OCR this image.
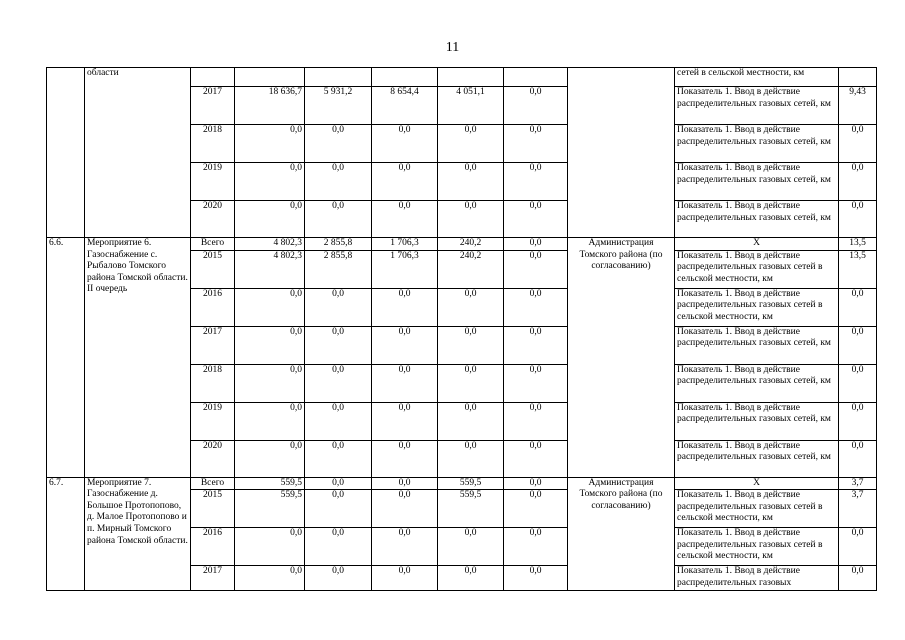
11
	области								сетей в сельской местности, км	
		2017	18 636,7	5 931,2	8 654,4	4 051,1	0,0		Показатель 1. Ввод в действие распределительных газовых сетей, км	9,43
		2018	0,0	0,0	0,0	0,0	0,0		Показатель 1. Ввод в действие распределительных газовых сетей, км	0,0
		2019	0,0	0,0	0,0	0,0	0,0		Показатель 1. Ввод в действие распределительных газовых сетей, км	0,0
		2020	0,0	0,0	0,0	0,0	0,0		Показатель 1. Ввод в действие распределительных газовых сетей, км	0,0
6.6.	Мероприятие 6. Газоснабжение с. Рыбалово Томского района Томской области. II очередь	Всего	4 802,3	2 855,8	1 706,3	240,2	0,0	Администрация Томского района (по согласованию)	X	13,5
		2015	4 802,3	2 855,8	1 706,3	240,2	0,0		Показатель 1. Ввод в действие распределительных газовых сетей в сельской местности, км	13,5
		2016	0,0	0,0	0,0	0,0	0,0		Показатель 1. Ввод в действие распределительных газовых сетей в сельской местности, км	0,0
		2017	0,0	0,0	0,0	0,0	0,0		Показатель 1. Ввод в действие распределительных газовых сетей, км	0,0
		2018	0,0	0,0	0,0	0,0	0,0		Показатель 1. Ввод в действие распределительных газовых сетей, км	0,0
		2019	0,0	0,0	0,0	0,0	0,0		Показатель 1. Ввод в действие распределительных газовых сетей, км	0,0
		2020	0,0	0,0	0,0	0,0	0,0		Показатель 1. Ввод в действие распределительных газовых сетей, км	0,0
6.7.	Мероприятие 7. Газоснабжение д. Большое Протопопово, д. Малое Протопопово и п. Мирный Томского района Томской области.	Всего	559,5	0,0	0,0	559,5	0,0	Администрация Томского района (по согласованию)	X	3,7
		2015	559,5	0,0	0,0	559,5	0,0		Показатель 1. Ввод в действие распределительных газовых сетей в сельской местности, км	3,7
		2016	0,0	0,0	0,0	0,0	0,0		Показатель 1. Ввод в действие распределительных газовых сетей в сельской местности, км	0,0
		2017	0,0	0,0	0,0	0,0	0,0		Показатель 1. Ввод в действие распределительных газовых	0,0
